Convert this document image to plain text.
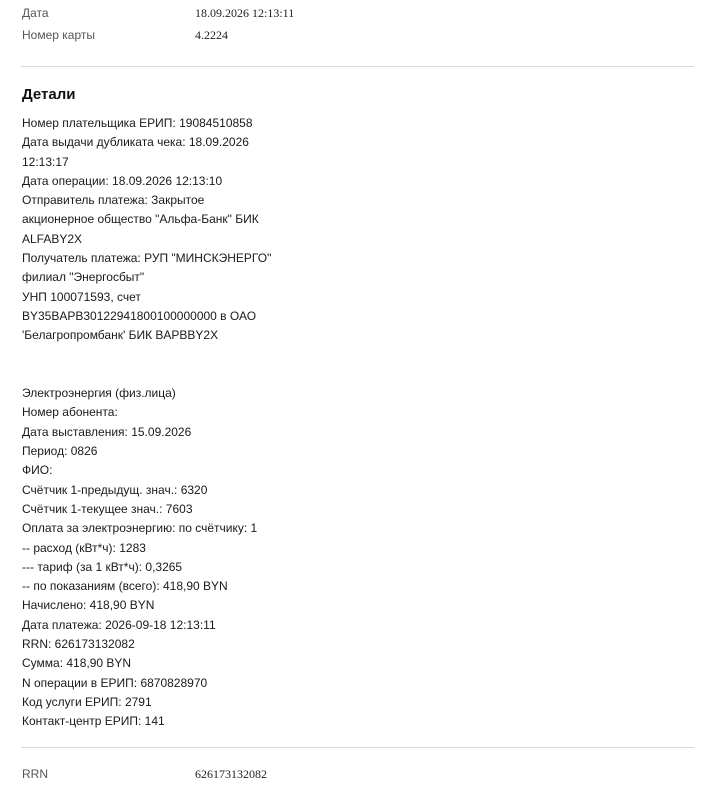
Дата	18.09.2026 12:13:11
Номер карты	4.2224
Детали
Номер плательщика ЕРИП: 19084510858
Дата выдачи дубликата чека: 18.09.2026
12:13:17
Дата операции: 18.09.2026 12:13:10
Отправитель платежа: Закрытое
акционерное общество "Альфа-Банк" БИК
ALFABY2X
Получатель платежа: РУП "МИНСКЭНЕРГО"
филиал "Энергосбыт"
УНП 100071593, счет
BY35BAPB30122941800100000000 в ОАО
'Белагропромбанк' БИК BAPBBY2X
Электроэнергия (физ.лица)
Номер абонента:
Дата выставления: 15.09.2026
Период: 0826
ФИО:
Счётчик 1-предыдущ. знач.: 6320
Счётчик 1-текущее знач.: 7603
Оплата за электроэнергию: по счётчику: 1
-- расход (кВт*ч): 1283
--- тариф (за 1 кВт*ч): 0,3265
-- по показаниям (всего): 418,90 BYN
Начислено: 418,90 BYN
Дата платежа: 2026-09-18 12:13:11
RRN: 626173132082
Сумма: 418,90 BYN
N операции в ЕРИП: 6870828970
Код услуги ЕРИП: 2791
Контакт-центр ЕРИП: 141
RRN	626173132082
